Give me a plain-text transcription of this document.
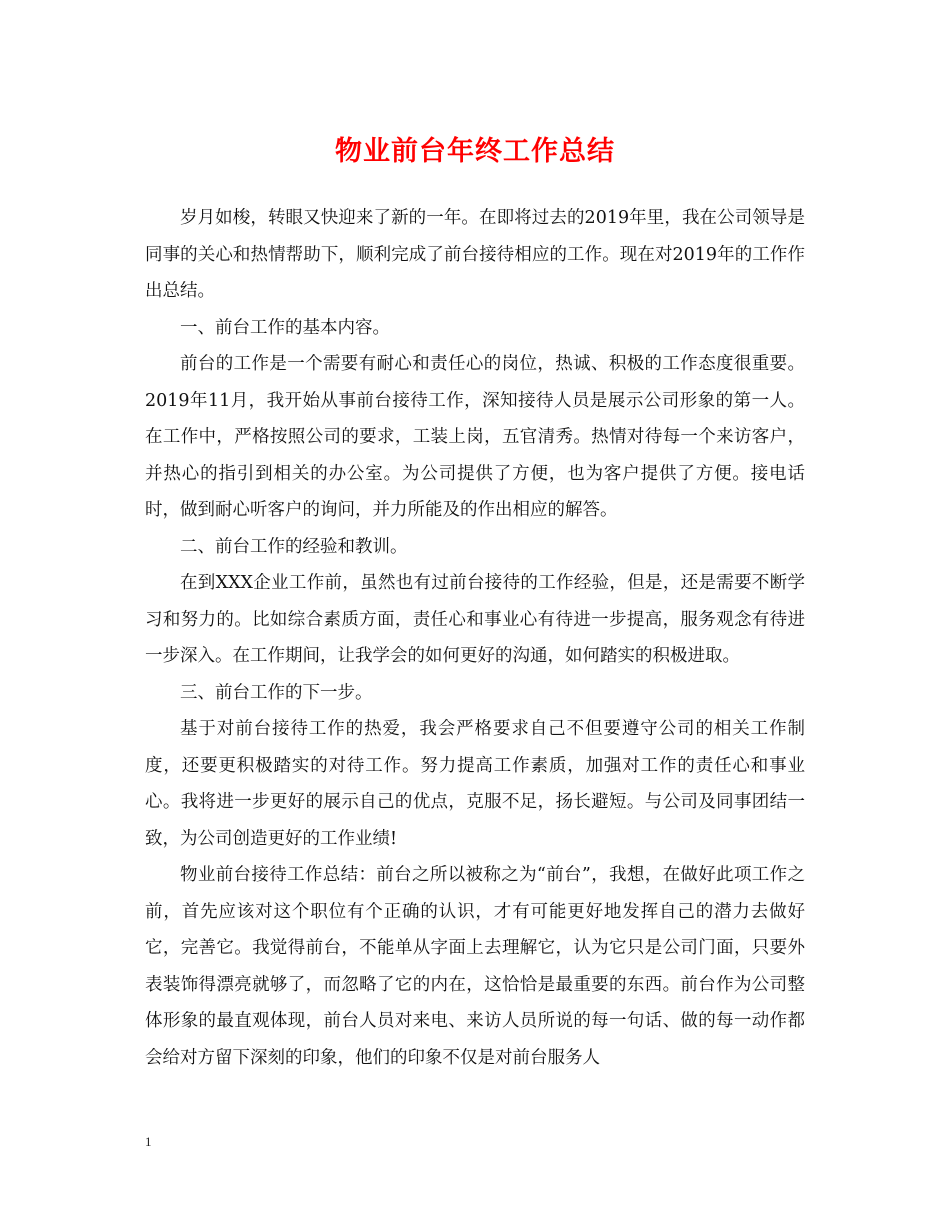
物业前台年终工作总结

岁月如梭，转眼又快迎来了新的一年。在即将过去的2019年里，我在公司领导是同事的关心和热情帮助下，顺利完成了前台接待相应的工作。现在对2019年的工作作出总结。

一、前台工作的基本内容。

前台的工作是一个需要有耐心和责任心的岗位，热诚、积极的工作态度很重要。2019年11月，我开始从事前台接待工作，深知接待人员是展示公司形象的第一人。在工作中，严格按照公司的要求，工装上岗，五官清秀。热情对待每一个来访客户，并热心的指引到相关的办公室。为公司提供了方便，也为客户提供了方便。接电话时，做到耐心听客户的询问，并力所能及的作出相应的解答。

二、前台工作的经验和教训。

在到XXX企业工作前，虽然也有过前台接待的工作经验，但是，还是需要不断学习和努力的。比如综合素质方面，责任心和事业心有待进一步提高，服务观念有待进一步深入。在工作期间，让我学会的如何更好的沟通，如何踏实的积极进取。

三、前台工作的下一步。

基于对前台接待工作的热爱，我会严格要求自己不但要遵守公司的相关工作制度，还要更积极踏实的对待工作。努力提高工作素质，加强对工作的责任心和事业心。我将进一步更好的展示自己的优点，克服不足，扬长避短。与公司及同事团结一致，为公司创造更好的工作业绩!

物业前台接待工作总结：前台之所以被称之为“前台”，我想，在做好此项工作之前，首先应该对这个职位有个正确的认识，才有可能更好地发挥自己的潜力去做好它，完善它。我觉得前台，不能单从字面上去理解它，认为它只是公司门面，只要外表装饰得漂亮就够了，而忽略了它的内在，这恰恰是最重要的东西。前台作为公司整体形象的最直观体现，前台人员对来电、来访人员所说的每一句话、做的每一动作都会给对方留下深刻的印象，他们的印象不仅是对前台服务人

1
